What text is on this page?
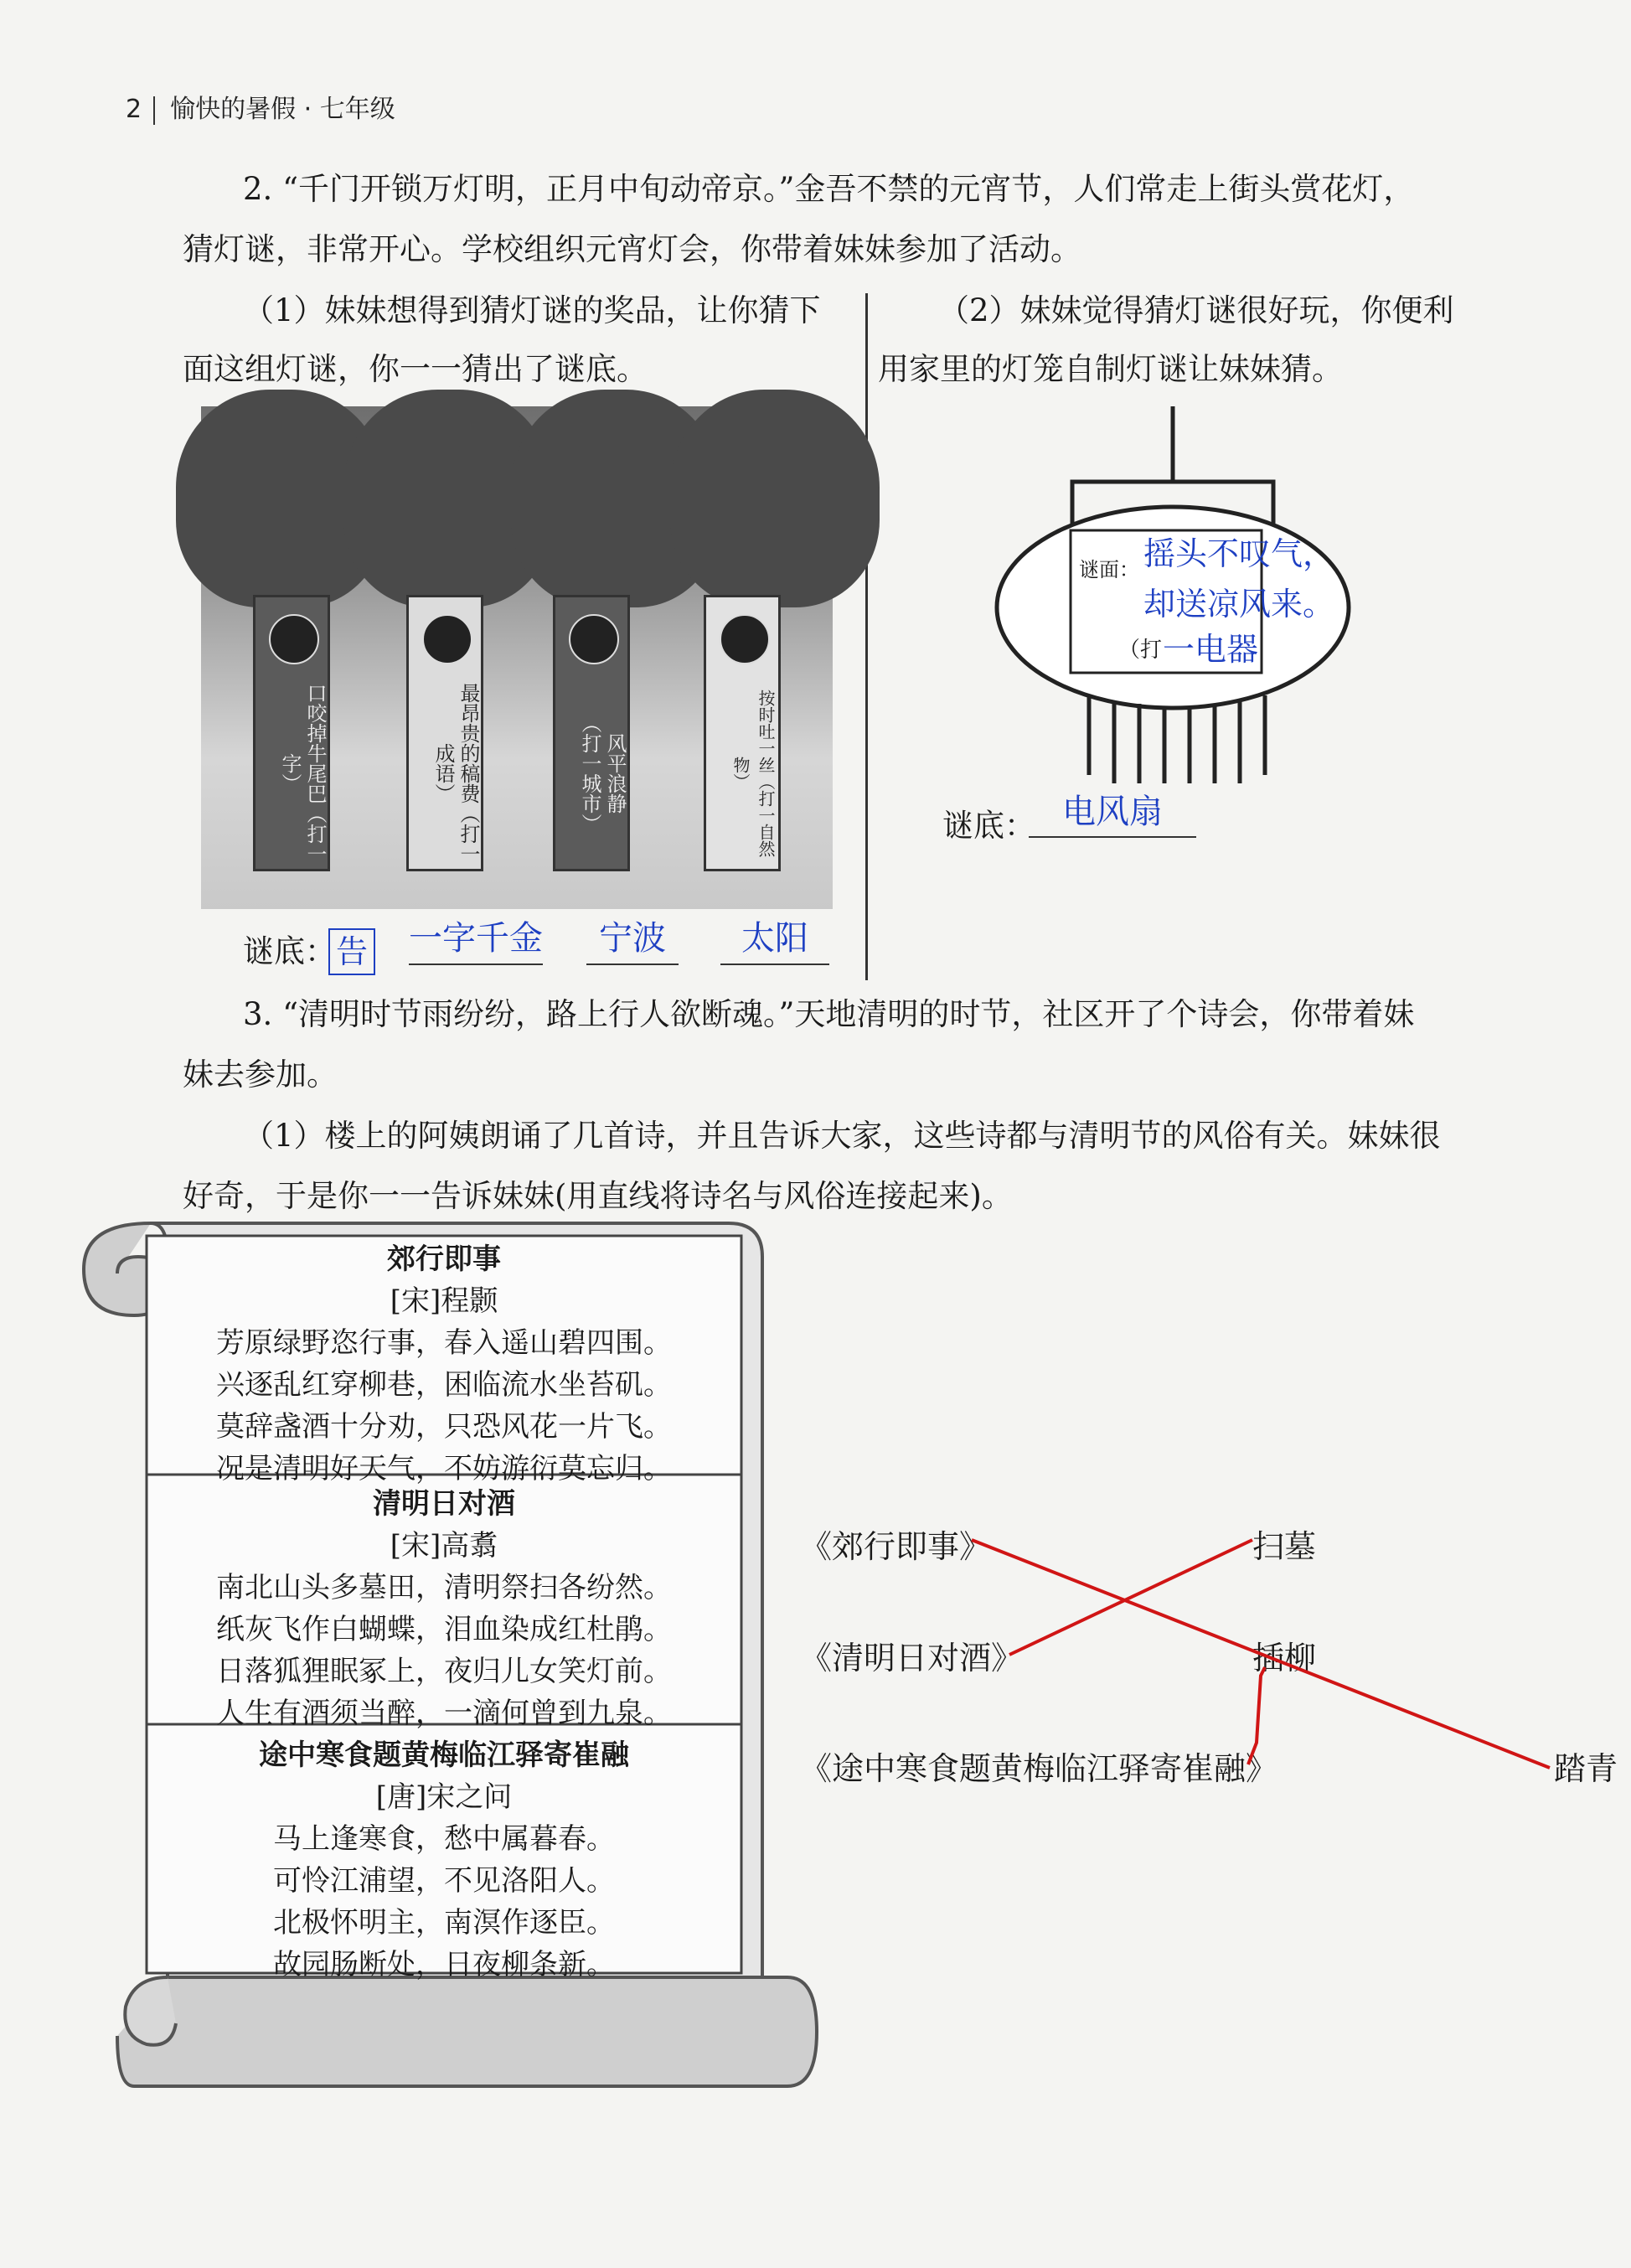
2 愉快的暑假 · 七年级
2. “千门开锁万灯明，正月中旬动帝京。”金吾不禁的元宵节，人们常走上街头赏花灯，
猜灯谜，非常开心。学校组织元宵灯会，你带着妹妹参加了活动。
（1）妹妹想得到猜灯谜的奖品，让你猜下
面这组灯谜，你一一猜出了谜底。
（2）妹妹觉得猜灯谜很好玩，你便利
用家里的灯笼自制灯谜让妹妹猜。
口咬掉牛尾巴（打一字）	最昂贵的稿费（打一成语）	风平浪静（打一城市）	按时吐一丝（打一自然物）
谜底： 告 一字千金	宁波	太阳
谜面： 摇头不叹气，
却送凉风来。
（打 一电器
谜底： 电风扇
3. “清明时节雨纷纷，路上行人欲断魂。”天地清明的时节，社区开了个诗会，你带着妹
妹去参加。
（1）楼上的阿姨朗诵了几首诗，并且告诉大家，这些诗都与清明节的风俗有关。妹妹很
好奇，于是你一一告诉妹妹(用直线将诗名与风俗连接起来)。
郊行即事
[宋]程颢
芳原绿野恣行事，春入遥山碧四围。
兴逐乱红穿柳巷，困临流水坐苔矶。
莫辞盏酒十分劝，只恐风花一片飞。
况是清明好天气，不妨游衍莫忘归。
清明日对酒
[宋]高翥
南北山头多墓田，清明祭扫各纷然。
纸灰飞作白蝴蝶，泪血染成红杜鹃。
日落狐狸眠冢上，夜归儿女笑灯前。
人生有酒须当醉，一滴何曾到九泉。
途中寒食题黄梅临江驿寄崔融
[唐]宋之问
马上逢寒食，愁中属暮春。
可怜江浦望，不见洛阳人。
北极怀明主，南溟作逐臣。
故园肠断处，日夜柳条新。
《郊行即事》
《清明日对酒》
《途中寒食题黄梅临江驿寄崔融》
扫墓
插柳
踏青
